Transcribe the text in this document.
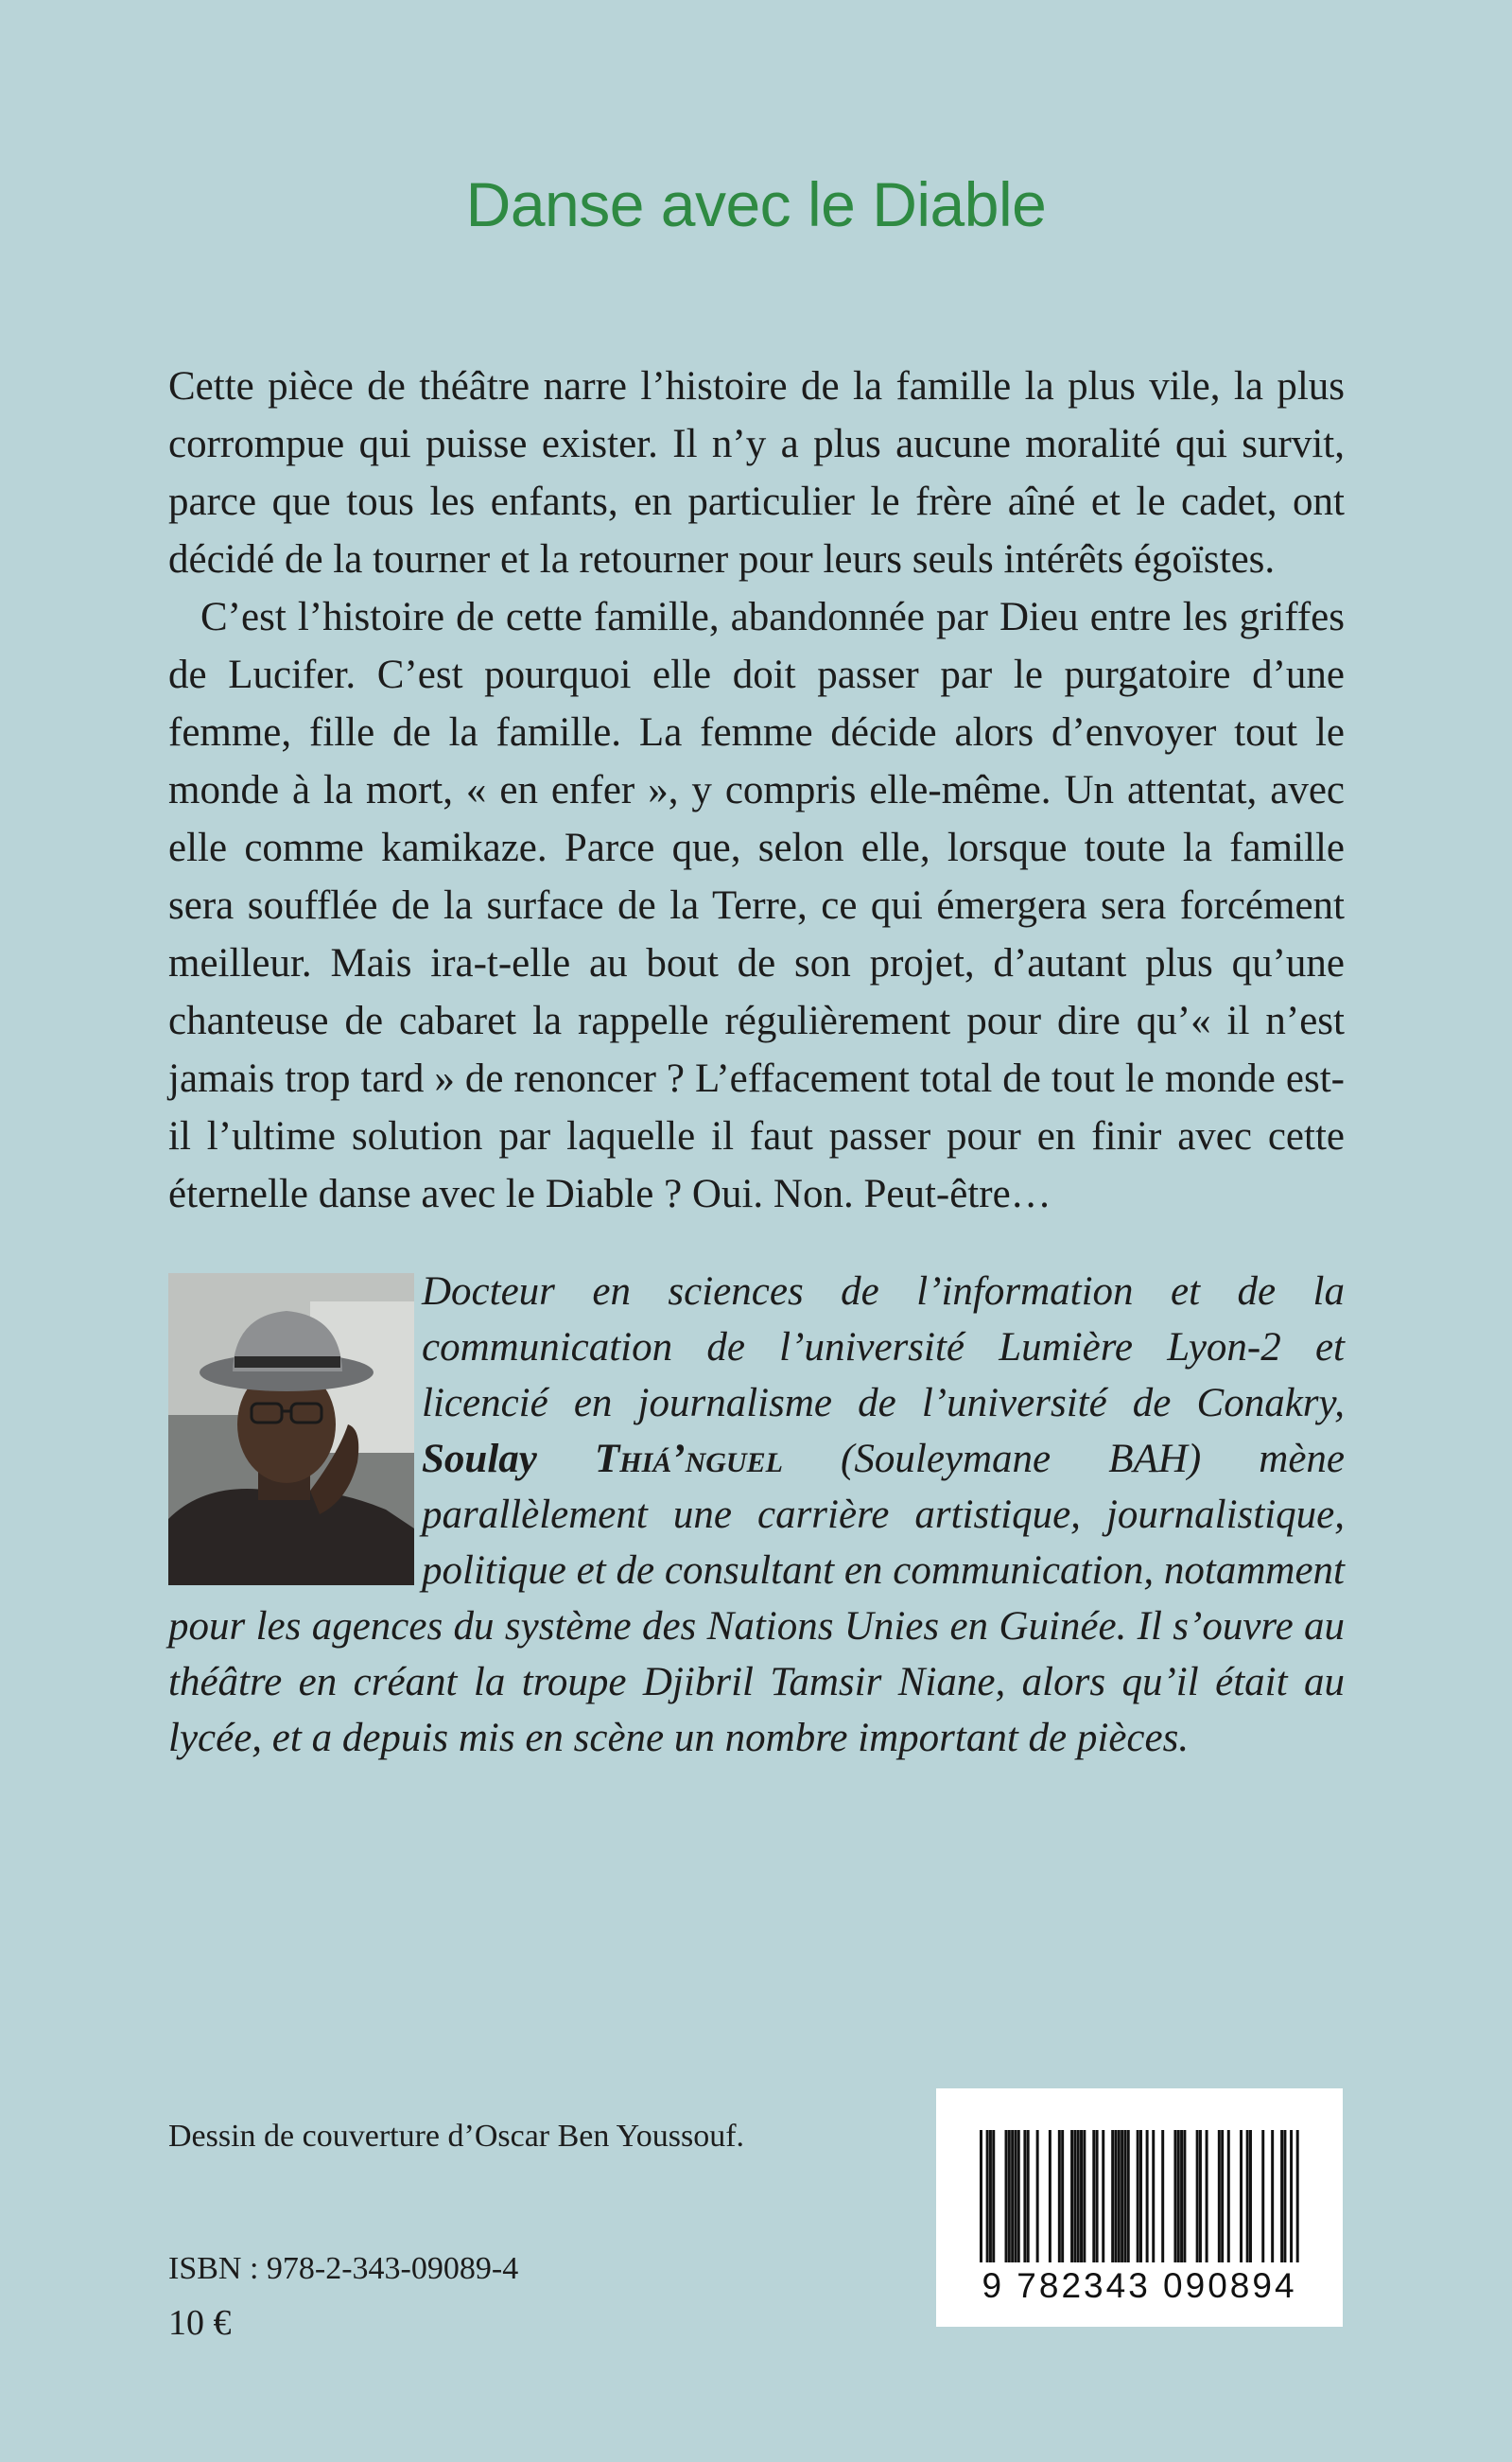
Danse avec le Diable

Cette pièce de théâtre narre l’histoire de la famille la plus vile, la plus corrompue qui puisse exister. Il n’y a plus aucune moralité qui survit, parce que tous les enfants, en particulier le frère aîné et le cadet, ont décidé de la tourner et la retourner pour leurs seuls intérêts égoïstes.

C’est l’histoire de cette famille, abandonnée par Dieu entre les griffes de Lucifer. C’est pourquoi elle doit passer par le purgatoire d’une femme, fille de la famille. La femme décide alors d’envoyer tout le monde à la mort, « en enfer », y compris elle-même. Un attentat, avec elle comme kamikaze. Parce que, selon elle, lorsque toute la famille sera soufflée de la surface de la Terre, ce qui émergera sera forcément meilleur. Mais ira-t-elle au bout de son projet, d’autant plus qu’une chanteuse de cabaret la rappelle régulièrement pour dire qu’« il n’est jamais trop tard » de renoncer ? L’effacement total de tout le monde est-il l’ultime solution par laquelle il faut passer pour en finir avec cette éternelle danse avec le Diable ? Oui. Non. Peut-être…

Docteur en sciences de l’information et de la communication de l’université Lumière Lyon-2 et licencié en journalisme de l’université de Conakry, Soulay Thiá’nguel (Souleymane BAH) mène parallèlement une carrière artistique, journalistique, politique et de consultant en communication, notamment pour les agences du système des Nations Unies en Guinée. Il s’ouvre au théâtre en créant la troupe Djibril Tamsir Niane, alors qu’il était au lycée, et a depuis mis en scène un nombre important de pièces.
Dessin de couverture d’Oscar Ben Youssouf.
ISBN : 978-2-343-09089-4
10 €
9 782343 090894
